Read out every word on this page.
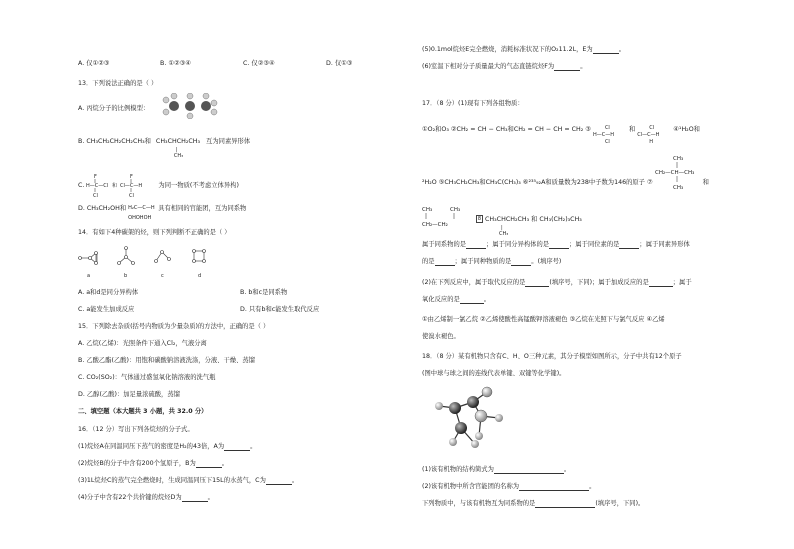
A. 仅①②③	B. ①②③④	C. 仅②③④	D. 仅①③
13．下列说法正确的是（ ）
A. 丙烷分子的比例模型：
B. CH₃CH₂CH₂CH₂CH₃和 CH₃CHCH₂CH₃
|
CH₃
互为同素异形体
C.
F
H—C—Cl
Cl
和
F
Cl—C—H
Cl
为同一物质(不考虑立体异构)
D. CH₃CH₂OH和 H₂C—C—H
OHOHOH
具有相同的官能团，互为同系物
14．有如下4种碳架的烃，则下列判断不正确的是（ ）
a	b	c	d
A. a和d是同分异构体	B. b和c是同系物
C. a能发生加成反应	D. 只有b和c能发生取代反应
15．下列除去杂质(括号内物质为少量杂质)的方法中，正确的是（ ）
A. 乙烷(乙烯)：光照条件下通入Cl₂，气液分离
B. 乙酸乙酯(乙酸)：用饱和碳酸钠溶液洗涤，分液、干燥、蒸馏
C. CO₂(SO₂)：气体通过盛氢氧化钠溶液的洗气瓶
D. 乙醇(乙酸)：加足量浓硫酸，蒸馏
二、填空题（本大题共 3 小题，共 32.0 分）
16．（12 分）写出下列各烷烃的分子式。
(1)烷烃A在同温同压下蒸气的密度是H₂的43倍，A为	。
(2)烷烃B的分子中含有200个氢原子，B为	。
(3)1L烷烃C的蒸气完全燃烧时，生成同温同压下15L的水蒸气，C为	。
(4)分子中含有22个共价键的烷烃D为	。
(5)0.1mol烷烃E完全燃烧，消耗标准状况下的O₂11.2L，E为	。
(6)室温下相对分子质量最大的气态直链烷烃F为	。
17．（8 分）(1)现有下列各组物质：
①O₂和O₃ ②CH₂ = CH − CH₃和CH₂ = CH − CH = CH₂ ③	Cl
H—C—H
Cl
和	Cl
Cl—C—H
H
④¹H₂O和
²H₂O ⑤CH₃CH₂CH₃和CH₃C(CH₃)₃ ⑥²³⁵₉₂A和质量数为238中子数为146的原子 ⑦
CH₃
CH₂—CH—CH₃
CH₃
和
CH₃	CH₃
CH₂—CH₂
8 CH₃CHCH₂CH₃ 和 CH₃(CH₂)₃CH₃
|
CH₃
属于同系物的是	；属于同分异构体的是	；属于同位素的是	；属于同素异形体
的是	；属于同种物质的是	。(填序号)
(2)在下列反应中，属于取代反应的是	(填序号，下同)；属于加成反应的是	；属于
氧化反应的是	。
①由乙烯制一氯乙烷 ②乙烯使酸性高锰酸钾溶液褪色 ③乙烷在光照下与氯气反应 ④乙烯
使溴水褪色。
18．（8 分）某有机物只含有C、H、O三种元素，其分子模型如图所示，分子中共有12个原子
(图中球与球之间的连线代表单键、双键等化学键)。
(1)该有机物的结构简式为	。
(2)该有机物中所含官能团的名称为	。
下列物质中，与该有机物互为同系物的是	(填序号，下同)。
